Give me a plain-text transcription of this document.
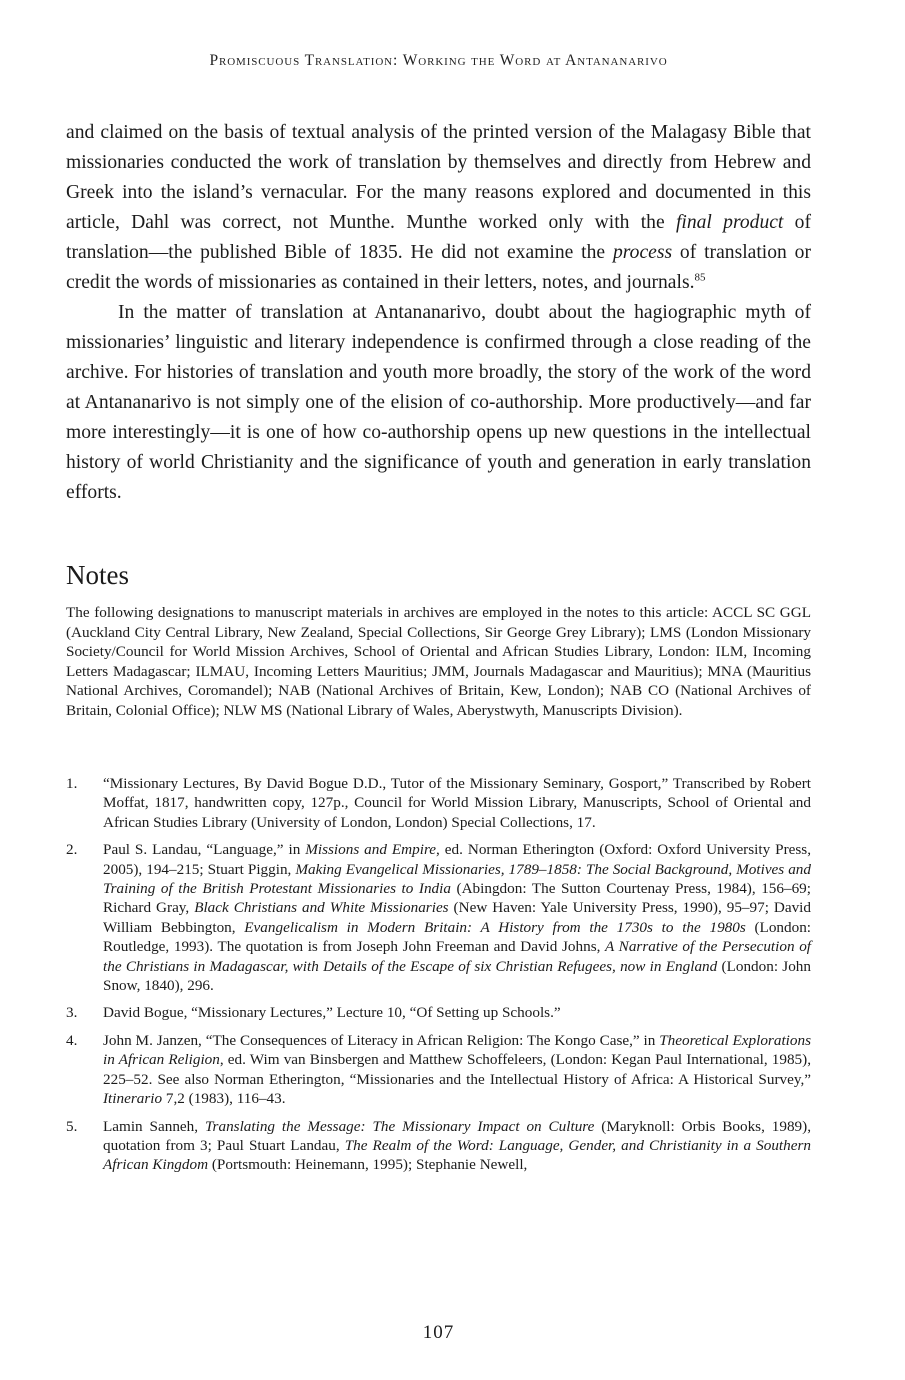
Promiscuous Translation: Working the Word at Antananarivo

and claimed on the basis of textual analysis of the printed version of the Malagasy Bible that missionaries conducted the work of translation by themselves and directly from Hebrew and Greek into the island’s vernacular. For the many reasons explored and documented in this article, Dahl was correct, not Munthe. Munthe worked only with the final product of translation—the published Bible of 1835. He did not examine the process of translation or credit the words of missionaries as contained in their letters, notes, and journals.$^{85}$

In the matter of translation at Antananarivo, doubt about the hagiographic myth of missionaries’ linguistic and literary independence is confirmed through a close reading of the archive. For histories of translation and youth more broadly, the story of the work of the word at Antananarivo is not simply one of the elision of co-authorship. More productively—and far more interestingly—it is one of how co-authorship opens up new questions in the intellectual history of world Christianity and the significance of youth and generation in early translation efforts.

Notes

The following designations to manuscript materials in archives are employed in the notes to this article: ACCL SC GGL (Auckland City Central Library, New Zealand, Special Collections, Sir George Grey Library); LMS (London Missionary Society/Council for World Mission Archives, School of Oriental and African Studies Library, London: ILM, Incoming Letters Madagascar; ILMAU, Incoming Letters Mauritius; JMM, Journals Madagascar and Mauritius); MNA (Mauritius National Archives, Coromandel); NAB (National Archives of Britain, Kew, London); NAB CO (National Archives of Britain, Colonial Office); NLW MS (National Library of Wales, Aberystwyth, Manuscripts Division).

1.	“Missionary Lectures, By David Bogue D.D., Tutor of the Missionary Seminary, Gosport,” Transcribed by Robert Moffat, 1817, handwritten copy, 127p., Council for World Mission Library, Manuscripts, School of Oriental and African Studies Library (University of London, London) Special Collections, 17.
2.	Paul S. Landau, “Language,” in Missions and Empire, ed. Norman Etherington (Oxford: Oxford University Press, 2005), 194–215; Stuart Piggin, Making Evangelical Missionaries, 1789–1858: The Social Background, Motives and Training of the British Protestant Missionaries to India (Abingdon: The Sutton Courtenay Press, 1984), 156–69; Richard Gray, Black Christians and White Missionaries (New Haven: Yale University Press, 1990), 95–97; David William Bebbington, Evangelicalism in Modern Britain: A History from the 1730s to the 1980s (London: Routledge, 1993). The quotation is from Joseph John Freeman and David Johns, A Narrative of the Persecution of the Christians in Madagascar, with Details of the Escape of six Christian Refugees, now in England (London: John Snow, 1840), 296.
3.	David Bogue, “Missionary Lectures,” Lecture 10, “Of Setting up Schools.”
4.	John M. Janzen, “The Consequences of Literacy in African Religion: The Kongo Case,” in Theoretical Explorations in African Religion, ed. Wim van Binsbergen and Matthew Schoffeleers, (London: Kegan Paul International, 1985), 225–52. See also Norman Etherington, “Missionaries and the Intellectual History of Africa: A Historical Survey,” Itinerario 7,2 (1983), 116–43.
5.	Lamin Sanneh, Translating the Message: The Missionary Impact on Culture (Maryknoll: Orbis Books, 1989), quotation from 3; Paul Stuart Landau, The Realm of the Word: Language, Gender, and Christianity in a Southern African Kingdom (Portsmouth: Heinemann, 1995); Stephanie Newell,
107
